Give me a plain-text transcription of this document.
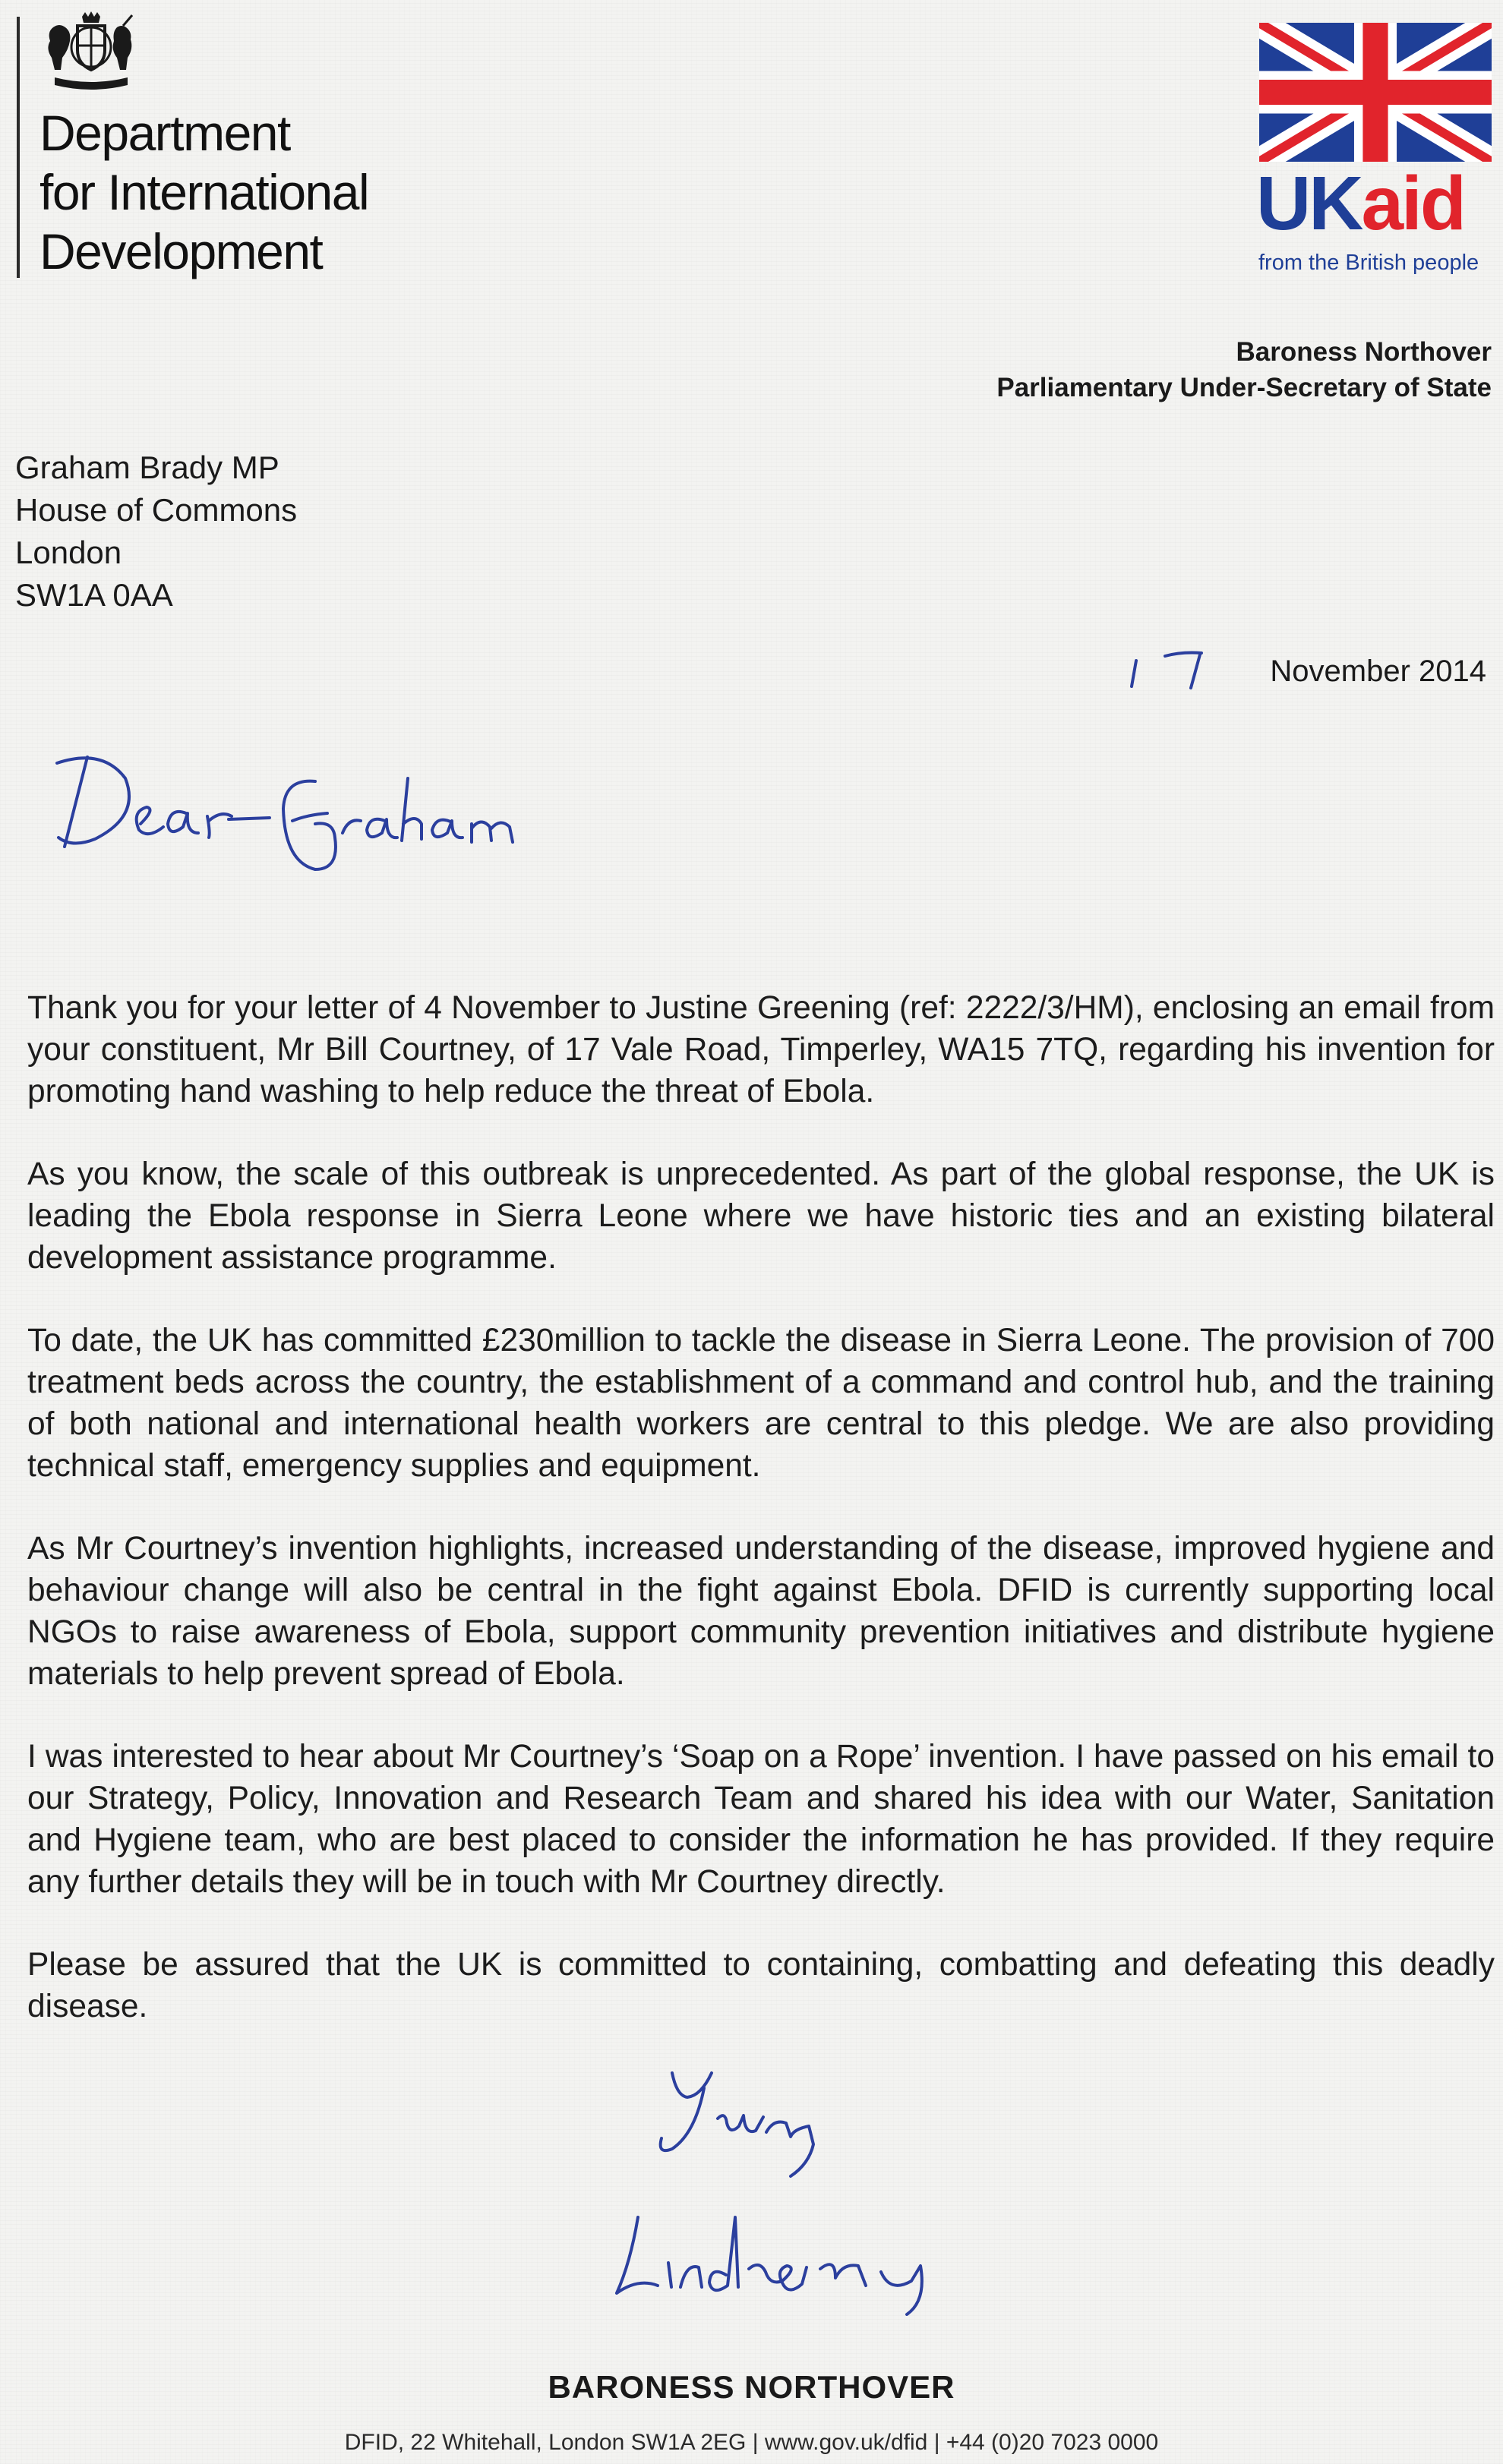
Department
for International
Development
UKaid
from the British people
Baroness Northover
Parliamentary Under-Secretary of State
Graham Brady MP
House of Commons
London
SW1A 0AA
November 2014

Thank you for your letter of 4 November to Justine Greening (ref: 2222/3/HM), enclosing an email from your constituent, Mr Bill Courtney, of 17 Vale Road, Timperley, WA15 7TQ, regarding his invention for promoting hand washing to help reduce the threat of Ebola.

As you know, the scale of this outbreak is unprecedented. As part of the global response, the UK is leading the Ebola response in Sierra Leone where we have historic ties and an existing bilateral development assistance programme.

To date, the UK has committed £230million to tackle the disease in Sierra Leone. The provision of 700 treatment beds across the country, the establishment of a command and control hub, and the training of both national and international health workers are central to this pledge. We are also providing technical staff, emergency supplies and equipment.

As Mr Courtney’s invention highlights, increased understanding of the disease, improved hygiene and behaviour change will also be central in the fight against Ebola. DFID is currently supporting local NGOs to raise awareness of Ebola, support community prevention initiatives and distribute hygiene materials to help prevent spread of Ebola.

I was interested to hear about Mr Courtney’s ‘Soap on a Rope’ invention. I have passed on his email to our Strategy, Policy, Innovation and Research Team and shared his idea with our Water, Sanitation and Hygiene team, who are best placed to consider the information he has provided. If they require any further details they will be in touch with Mr Courtney directly.

Please be assured that the UK is committed to containing, combatting and defeating this deadly disease.

BARONESS NORTHOVER
DFID, 22 Whitehall, London SW1A 2EG | www.gov.uk/dfid | +44 (0)20 7023 0000
